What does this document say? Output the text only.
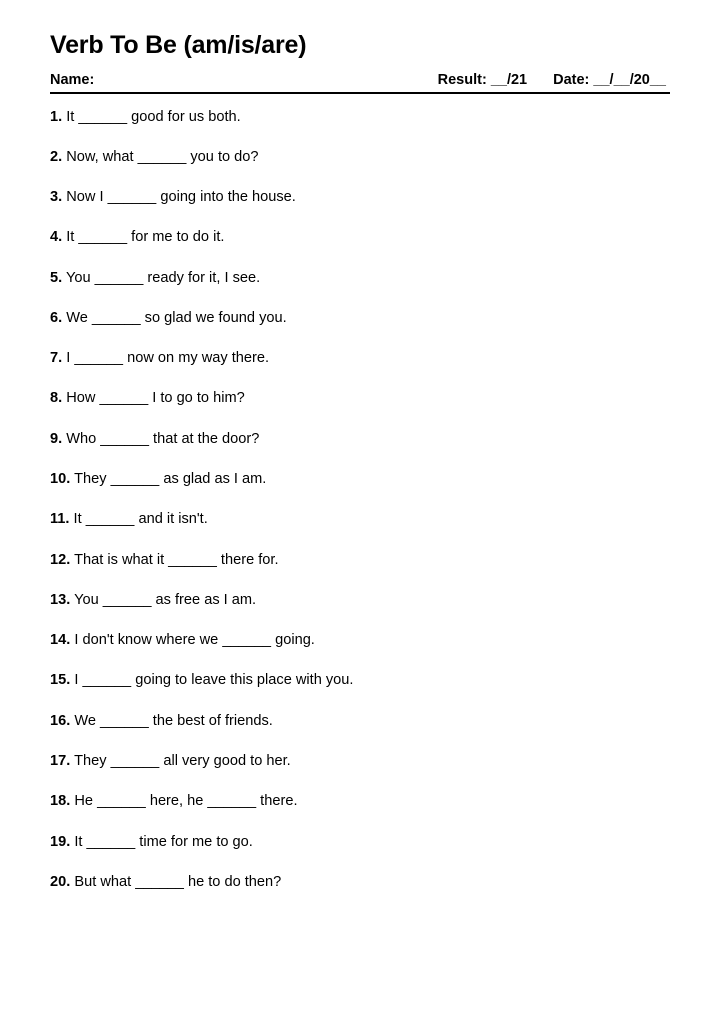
Verb To Be (am/is/are)
Name:	Result: __/21 Date: __/__/20__
1. It ______ good for us both.
2. Now, what ______ you to do?
3. Now I ______ going into the house.
4. It ______ for me to do it.
5. You ______ ready for it, I see.
6. We ______ so glad we found you.
7. I ______ now on my way there.
8. How ______ I to go to him?
9. Who ______ that at the door?
10. They ______ as glad as I am.
11. It ______ and it isn't.
12. That is what it ______ there for.
13. You ______ as free as I am.
14. I don't know where we ______ going.
15. I ______ going to leave this place with you.
16. We ______ the best of friends.
17. They ______ all very good to her.
18. He ______ here, he ______ there.
19. It ______ time for me to go.
20. But what ______ he to do then?
